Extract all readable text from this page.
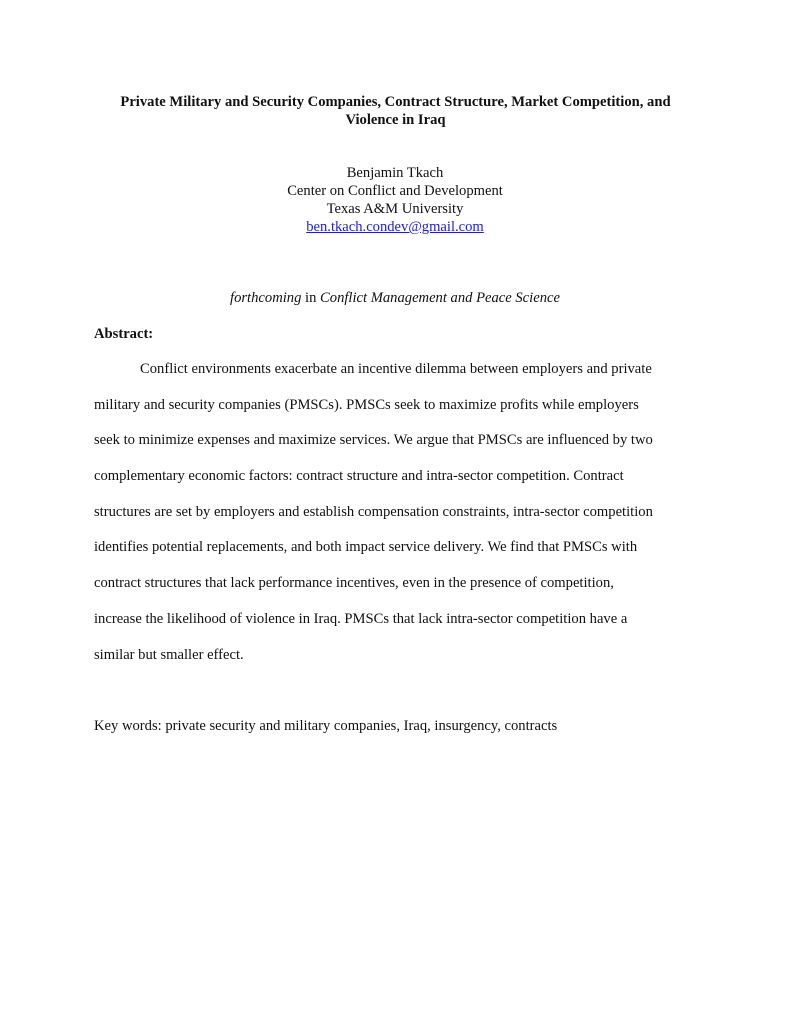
Private Military and Security Companies, Contract Structure, Market Competition, and
Violence in Iraq
Benjamin Tkach
Center on Conflict and Development
Texas A&M University
ben.tkach.condev@gmail.com
forthcoming in Conflict Management and Peace Science
Abstract:
Conflict environments exacerbate an incentive dilemma between employers and private
military and security companies (PMSCs). PMSCs seek to maximize profits while employers
seek to minimize expenses and maximize services. We argue that PMSCs are influenced by two
complementary economic factors: contract structure and intra-sector competition. Contract
structures are set by employers and establish compensation constraints, intra-sector competition
identifies potential replacements, and both impact service delivery. We find that PMSCs with
contract structures that lack performance incentives, even in the presence of competition,
increase the likelihood of violence in Iraq. PMSCs that lack intra-sector competition have a
similar but smaller effect.
Key words: private security and military companies, Iraq, insurgency, contracts
